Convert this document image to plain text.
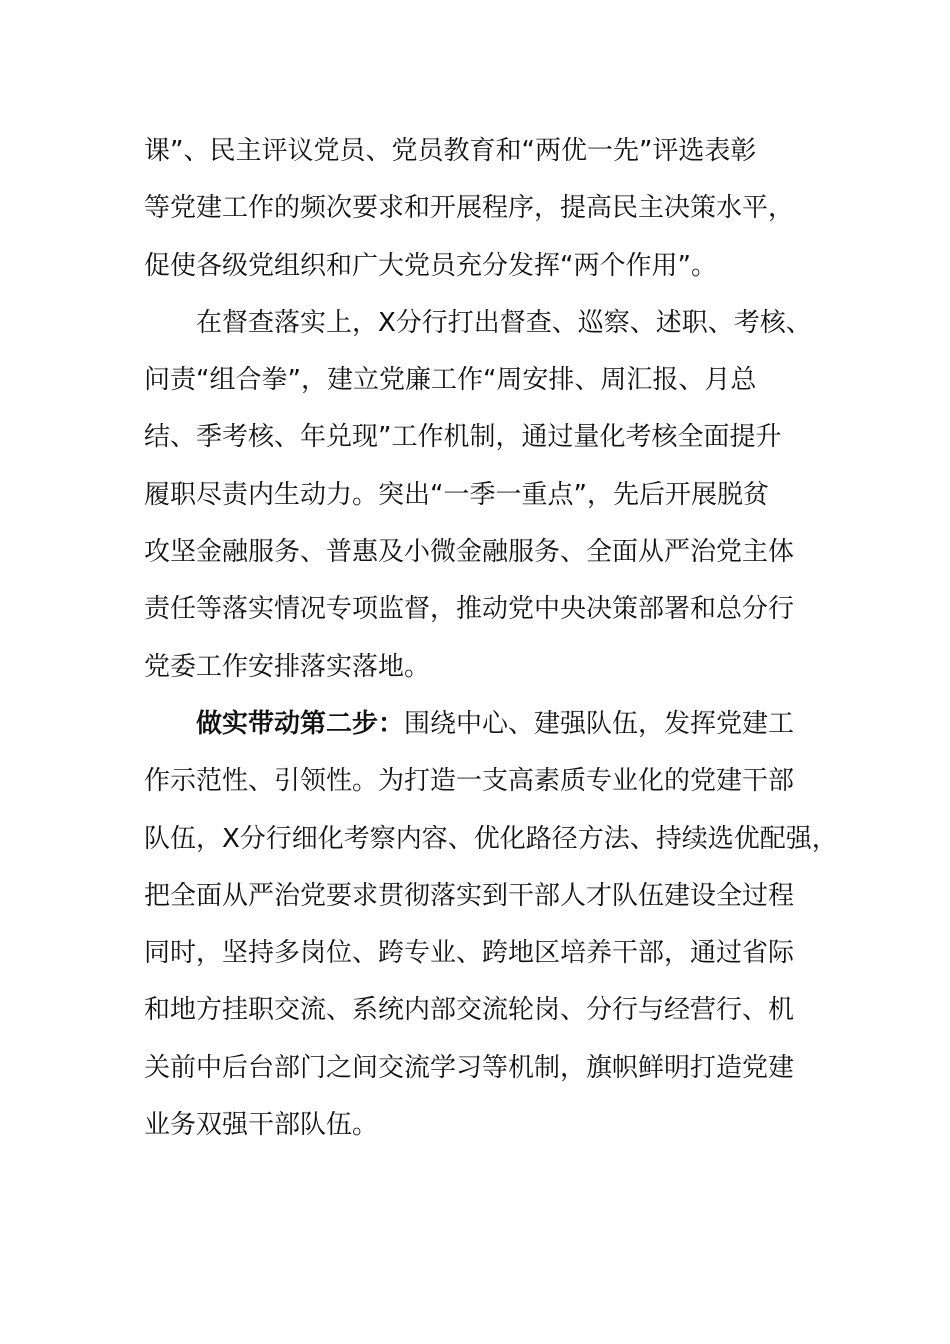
课”、民主评议党员、党员教育和“两优一先”评选表彰
等党建工作的频次要求和开展程序，提高民主决策水平，
促使各级党组织和广大党员充分发挥“两个作用”。
在督查落实上，X分行打出督查、巡察、述职、考核、
问责“组合拳”，建立党廉工作“周安排、周汇报、月总
结、季考核、年兑现”工作机制，通过量化考核全面提升
履职尽责内生动力。突出“一季一重点”，先后开展脱贫
攻坚金融服务、普惠及小微金融服务、全面从严治党主体
责任等落实情况专项监督，推动党中央决策部署和总分行
党委工作安排落实落地。
做实带动第二步：围绕中心、建强队伍，发挥党建工
作示范性、引领性。为打造一支高素质专业化的党建干部
队伍，X分行细化考察内容、优化路径方法、持续选优配强，
把全面从严治党要求贯彻落实到干部人才队伍建设全过程
同时，坚持多岗位、跨专业、跨地区培养干部，通过省际
和地方挂职交流、系统内部交流轮岗、分行与经营行、机
关前中后台部门之间交流学习等机制，旗帜鲜明打造党建
业务双强干部队伍。
